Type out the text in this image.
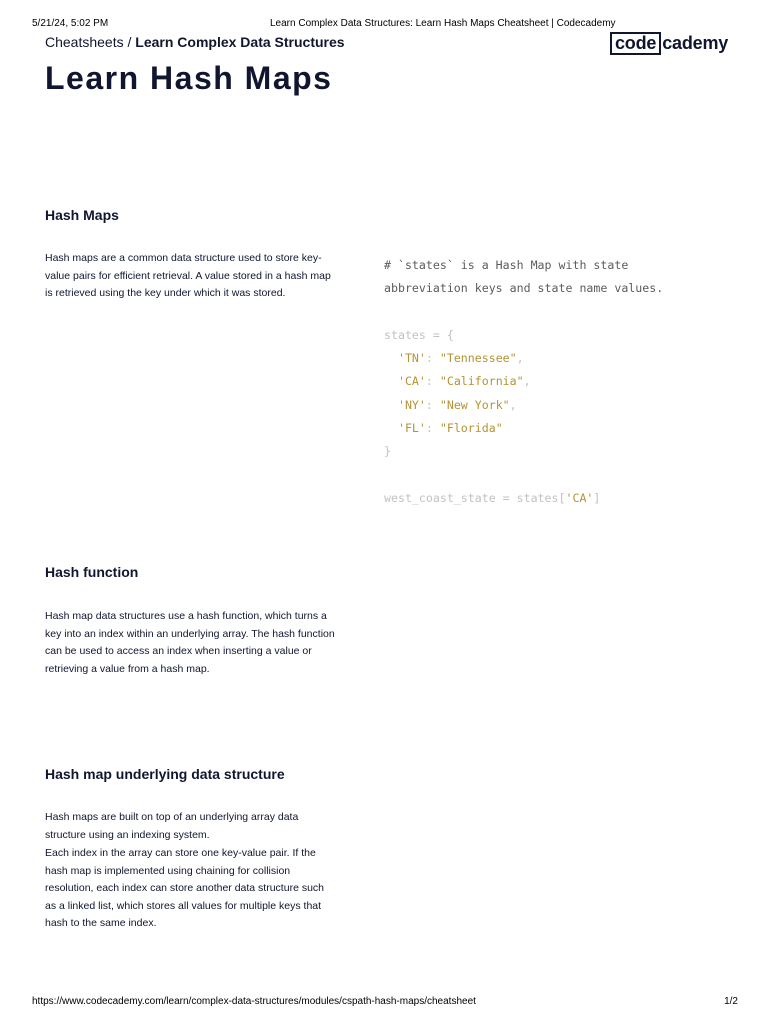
5/21/24, 5:02 PM	Learn Complex Data Structures: Learn Hash Maps Cheatsheet | Codecademy
Cheatsheets / Learn Complex Data Structures	code cademy
Learn Hash Maps
Hash Maps

Hash maps are a common data structure used to store key-value pairs for efficient retrieval. A value stored in a hash map is retrieved using the key under which it was stored.

# `states` is a Hash Map with state
abbreviation keys and state name values.

states = {
'TN': "Tennessee",
'CA': "California",
'NY': "New York",
'FL': "Florida"
}

west_coast_state = states['CA']
Hash function

Hash map data structures use a hash function, which turns a key into an index within an underlying array. The hash function can be used to access an index when inserting a value or retrieving a value from a hash map.

Hash map underlying data structure

Hash maps are built on top of an underlying array data structure using an indexing system.

Each index in the array can store one key-value pair. If the hash map is implemented using chaining for collision resolution, each index can store another data structure such as a linked list, which stores all values for multiple keys that hash to the same index.

https://www.codecademy.com/learn/complex-data-structures/modules/cspath-hash-maps/cheatsheet	1/2
